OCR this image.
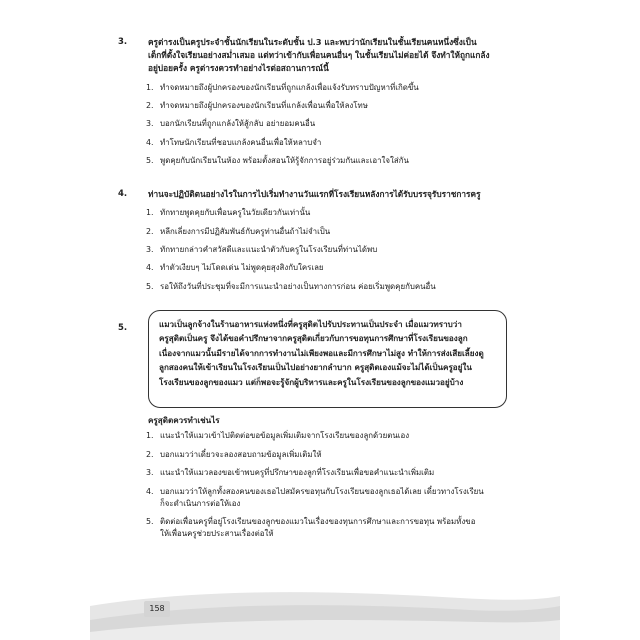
3.	ครูต่ารงเป็นครูประจำชั้นนักเรียนในระดับชั้น ป.3 และพบว่านักเรียนในชั้นเรียนคนหนึ่งซึ่งเป็น
เด็กที่ตั้งใจเรียนอย่างสม่ำเสมอ แต่ทว่าเข้ากับเพื่อนคนอื่นๆ ในชั้นเรียนไม่ค่อยได้ จึงทำให้ถูกแกล้ง
อยู่บ่อยครั้ง ครูต่ารงควรทำอย่างไรต่อสถานการณ์นี้
1. ทำจดหมายถึงผู้ปกครองของนักเรียนที่ถูกแกล้งเพื่อแจ้งรับทราบปัญหาที่เกิดขึ้น
2. ทำจดหมายถึงผู้ปกครองของนักเรียนที่แกล้งเพื่อนเพื่อให้ลงโทษ
3. บอกนักเรียนที่ถูกแกล้งให้สู้กลับ อย่ายอมคนอื่น
4. ทำโทษนักเรียนที่ชอบแกล้งคนอื่นเพื่อให้หลาบจำ
5. พูดคุยกับนักเรียนในห้อง พร้อมตั้งสอนให้รู้จักการอยู่ร่วมกันและเอาใจใส่กัน
4.	ท่านจะปฏิบัติตนอย่างไรในการไปเริ่มทำงานวันแรกที่โรงเรียนหลังการได้รับบรรจุรับราชการครู
1. ทักทายพูดคุยกับเพื่อนครูในวัยเดียวกันเท่านั้น
2. หลีกเลี่ยงการมีปฏิสัมพันธ์กับครูท่านอื่นถ้าไม่จำเป็น
3. ทักทายกล่าวคำสวัสดีและแนะนำตัวกับครูในโรงเรียนที่ท่านได้พบ
4. ทำตัวเงียบๆ ไม่โดดเด่น ไม่พูดคุยสุงสิงกับใครเลย
5. รอให้ถึงวันที่ประชุมที่จะมีการแนะนำอย่างเป็นทางการก่อน ค่อยเริ่มพูดคุยกับคนอื่น
5.	แมวเป็นลูกจ้างในร้านอาหารแห่งหนึ่งที่ครูสุดิตไปรับประทานเป็นประจำ เมื่อแมวทราบว่า
ครูสุดิตเป็นครู จึงได้ขอคำปรึกษาจากครูสุดิตเกี่ยวกับการขอทุนการศึกษาที่โรงเรียนของลูก
เนื่องจากแมวนั้นมีรายได้จากการทำงานไม่เพียงพอและมีการศึกษาไม่สูง ทำให้การส่งเสียเลี้ยงดู
ลูกสองคนให้เข้าเรียนในโรงเรียนเป็นไปอย่างยากลำบาก ครูสุดิตเองแม้จะไม่ได้เป็นครูอยู่ใน
โรงเรียนของลูกของแมว แต่ก็พอจะรู้จักผู้บริหารและครูในโรงเรียนของลูกของแมวอยู่บ้าง
ครูสุดิตควรทำเช่นไร
1. แนะนำให้แมวเข้าไปติดต่อขอข้อมูลเพิ่มเติมจากโรงเรียนของลูกด้วยตนเอง
2. บอกแมวว่าเดี๋ยวจะลองสอบถามข้อมูลเพิ่มเติมให้
3. แนะนำให้แมวลองขอเข้าพบครูที่ปรึกษาของลูกที่โรงเรียนเพื่อขอคำแนะนำเพิ่มเติม
4. บอกแมวว่าให้ลูกทั้งสองคนของเธอไปสมัครขอทุนกับโรงเรียนของลูกเธอได้เลย เดี๋ยวทางโรงเรียน
ก็จะดำเนินการต่อให้เอง
5. ติดต่อเพื่อนครูที่อยู่โรงเรียนของลูกของแมวในเรื่องของทุนการศึกษาและการขอทุน พร้อมทั้งขอ
ให้เพื่อนครูช่วยประสานเรื่องต่อให้
158
